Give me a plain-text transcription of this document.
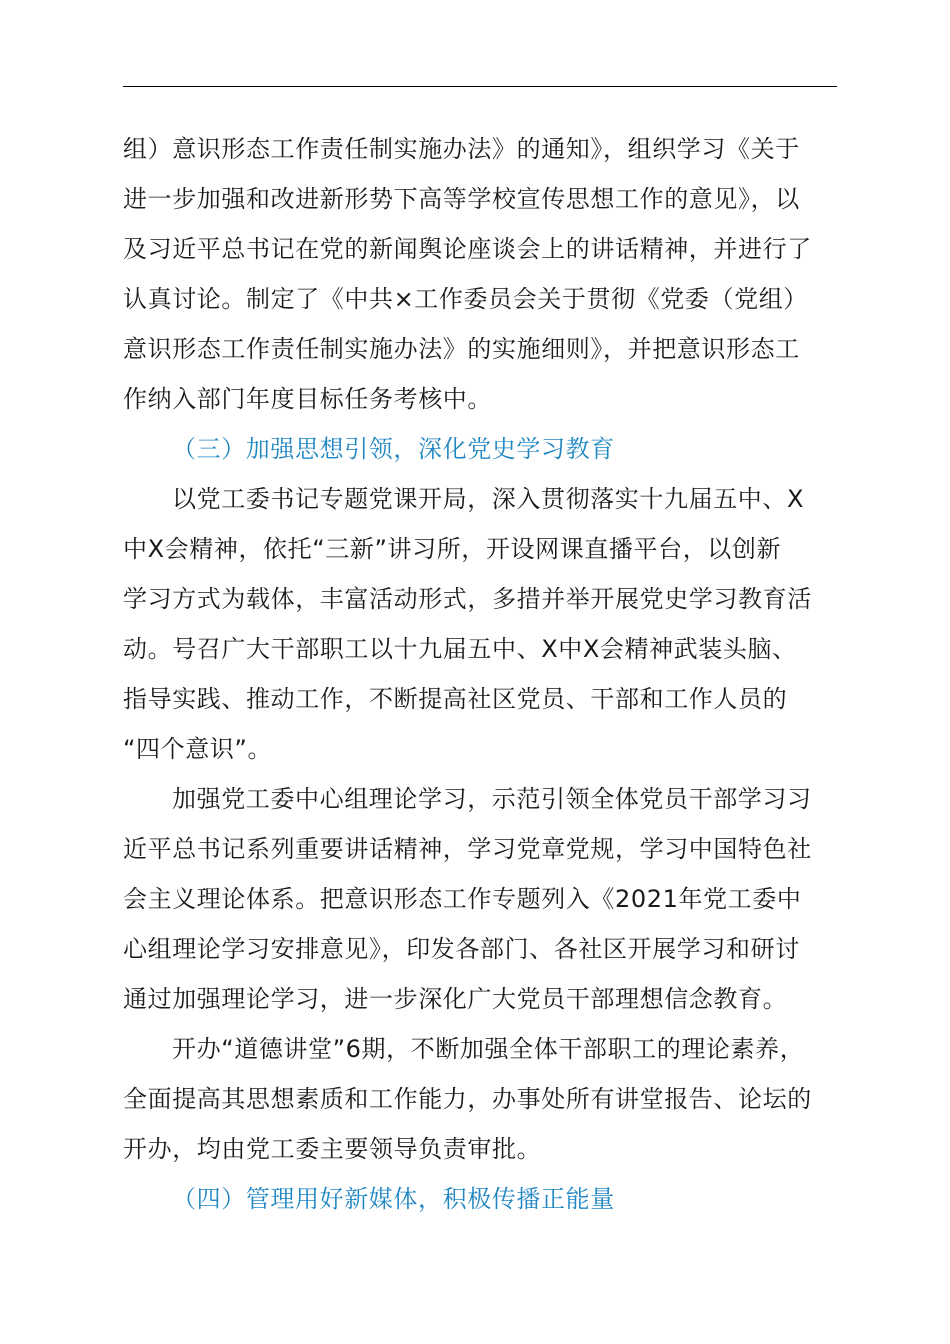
组）意识形态工作责任制实施办法》的通知》，组织学习《关于
进一步加强和改进新形势下高等学校宣传思想工作的意见》，以
及习近平总书记在党的新闻舆论座谈会上的讲话精神，并进行了
认真讨论。制定了《中共×工作委员会关于贯彻《党委（党组）
意识形态工作责任制实施办法》的实施细则》，并把意识形态工
作纳入部门年度目标任务考核中。

（三）加强思想引领，深化党史学习教育

以党工委书记专题党课开局，深入贯彻落实十九届五中、X
中X会精神，依托“三新”讲习所，开设网课直播平台，以创新
学习方式为载体，丰富活动形式，多措并举开展党史学习教育活
动。号召广大干部职工以十九届五中、X中X会精神武装头脑、
指导实践、推动工作，不断提高社区党员、干部和工作人员的
“四个意识”。

加强党工委中心组理论学习，示范引领全体党员干部学习习
近平总书记系列重要讲话精神，学习党章党规，学习中国特色社
会主义理论体系。把意识形态工作专题列入《2021年党工委中
心组理论学习安排意见》，印发各部门、各社区开展学习和研讨
通过加强理论学习，进一步深化广大党员干部理想信念教育。

开办“道德讲堂”6期，不断加强全体干部职工的理论素养，
全面提高其思想素质和工作能力，办事处所有讲堂报告、论坛的
开办，均由党工委主要领导负责审批。

（四）管理用好新媒体，积极传播正能量
